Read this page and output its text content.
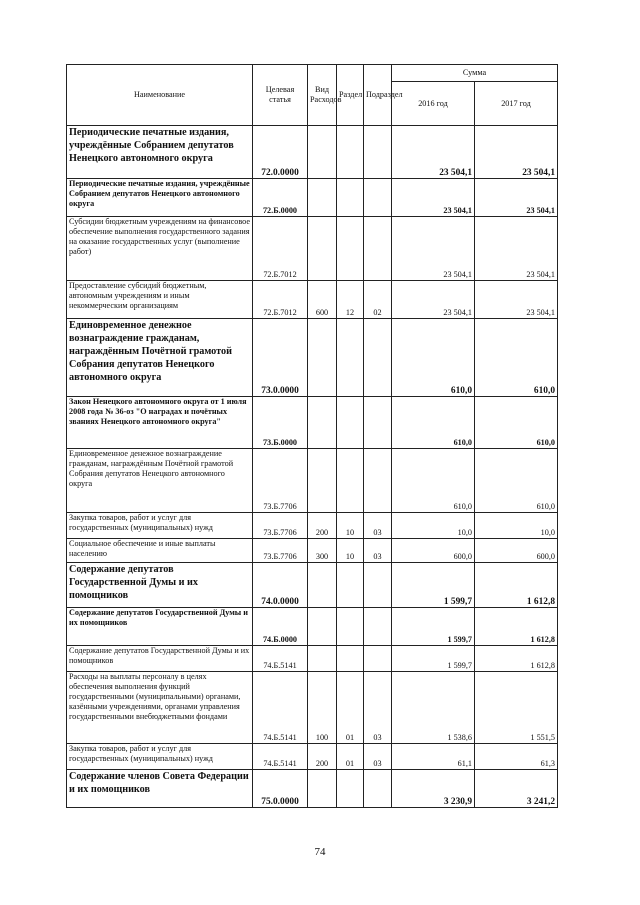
Наименование	Целевая статья	Вид Расходов	Раздел	Подраздел	Сумма	
					2016 год	2017 год
Периодические печатные издания, учреждённые Собранием депутатов Ненецкого автономного округа	72.0.0000				23 504,1	23 504,1
Периодические печатные издания, учреждённые Собранием депутатов Ненецкого автономного округа	72.Б.0000				23 504,1	23 504,1
Субсидии бюджетным учреждениям на финансовое обеспечение выполнения государственного задания на оказание государственных услуг (выполнение работ)	72.Б.7012				23 504,1	23 504,1
Предоставление субсидий бюджетным, автономным учреждениям и иным некоммерческим организациям	72.Б.7012	600	12	02	23 504,1	23 504,1
Единовременное денежное вознаграждение гражданам, награждённым Почётной грамотой Собрания депутатов Ненецкого автономного округа	73.0.0000				610,0	610,0
Закон Ненецкого автономного округа от 1 июля 2008 года № 36-оз "О наградах и почётных званиях Ненецкого автономного округа"	73.Б.0000				610,0	610,0
Единовременное денежное вознаграждение гражданам, награждённым Почётной грамотой Собрания депутатов Ненецкого автономного округа	73.Б.7706				610,0	610,0
Закупка товаров, работ и услуг для государственных (муниципальных) нужд	73.Б.7706	200	10	03	10,0	10,0
Социальное обеспечение и иные выплаты населению	73.Б.7706	300	10	03	600,0	600,0
Содержание депутатов Государственной Думы и их помощников	74.0.0000				1 599,7	1 612,8
Содержание депутатов Государственной Думы и их помощников	74.Б.0000				1 599,7	1 612,8
Содержание депутатов Государственной Думы и их помощников	74.Б.5141				1 599,7	1 612,8
Расходы на выплаты персоналу в целях обеспечения выполнения функций государственными (муниципальными) органами, казёнными учреждениями, органами управления государственными внебюджетными фондами	74.Б.5141	100	01	03	1 538,6	1 551,5
Закупка товаров, работ и услуг для государственных (муниципальных) нужд	74.Б.5141	200	01	03	61,1	61,3
Содержание членов Совета Федерации и их помощников	75.0.0000				3 230,9	3 241,2
74
